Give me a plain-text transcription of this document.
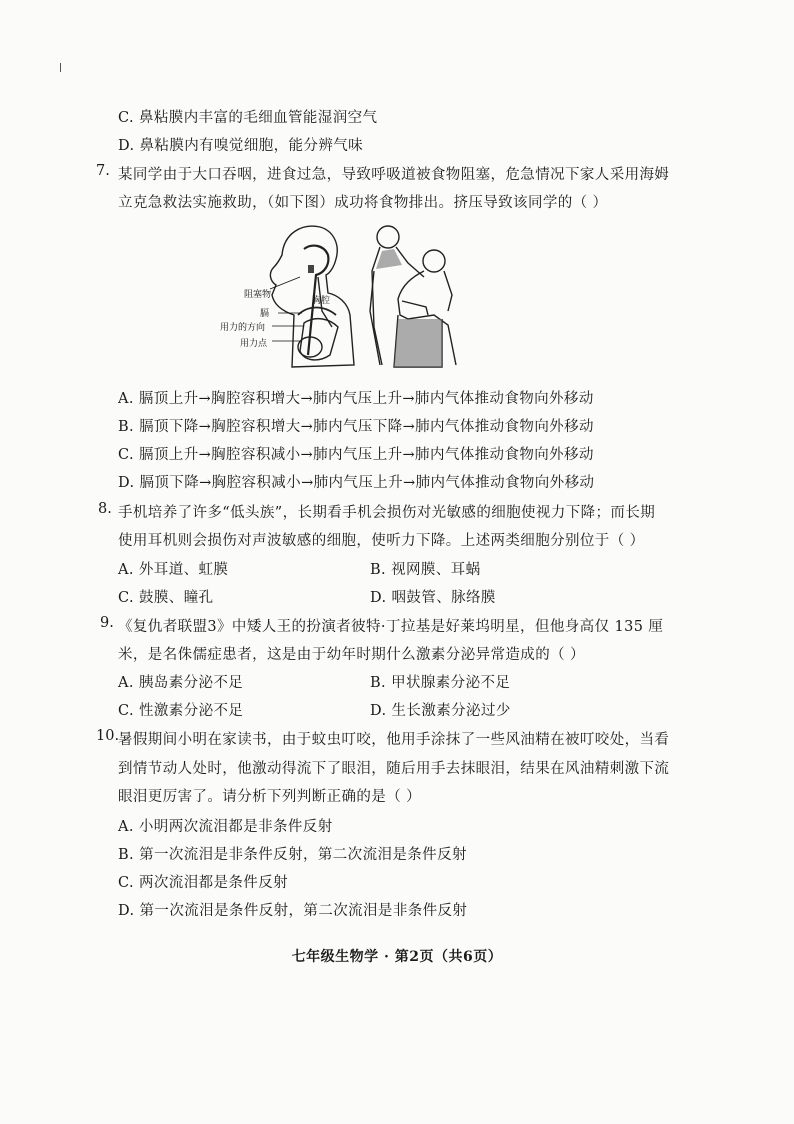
C. 鼻粘膜内丰富的毛细血管能湿润空气
D. 鼻粘膜内有嗅觉细胞，能分辨气味
7. 某同学由于大口吞咽，进食过急，导致呼吸道被食物阻塞，危急情况下家人采用海姆
立克急救法实施救助，（如下图）成功将食物排出。挤压导致该同学的（ ）
阻塞物
胸腔
膈
用力的方向
用力点
A. 膈顶上升→胸腔容积增大→肺内气压上升→肺内气体推动食物向外移动
B. 膈顶下降→胸腔容积增大→肺内气压下降→肺内气体推动食物向外移动
C. 膈顶上升→胸腔容积减小→肺内气压上升→肺内气体推动食物向外移动
D. 膈顶下降→胸腔容积减小→肺内气压上升→肺内气体推动食物向外移动
8. 手机培养了许多“低头族”，长期看手机会损伤对光敏感的细胞使视力下降；而长期
使用耳机则会损伤对声波敏感的细胞，使听力下降。上述两类细胞分别位于（ ）
A. 外耳道、虹膜	B. 视网膜、耳蜗
C. 鼓膜、瞳孔	D. 咽鼓管、脉络膜
9. 《复仇者联盟3》中矮人王的扮演者彼特·丁拉基是好莱坞明星，但他身高仅 135 厘
米，是名侏儒症患者，这是由于幼年时期什么激素分泌异常造成的（ ）
A. 胰岛素分泌不足	B. 甲状腺素分泌不足
C. 性激素分泌不足	D. 生长激素分泌过少
10.
暑假期间小明在家读书，由于蚊虫叮咬，他用手涂抹了一些风油精在被叮咬处，当看
到情节动人处时，他激动得流下了眼泪，随后用手去抹眼泪，结果在风油精刺激下流
眼泪更厉害了。请分析下列判断正确的是（ ）
A. 小明两次流泪都是非条件反射
B. 第一次流泪是非条件反射，第二次流泪是条件反射
C. 两次流泪都是条件反射
D. 第一次流泪是条件反射，第二次流泪是非条件反射
七年级生物学 · 第2页（共6页）
